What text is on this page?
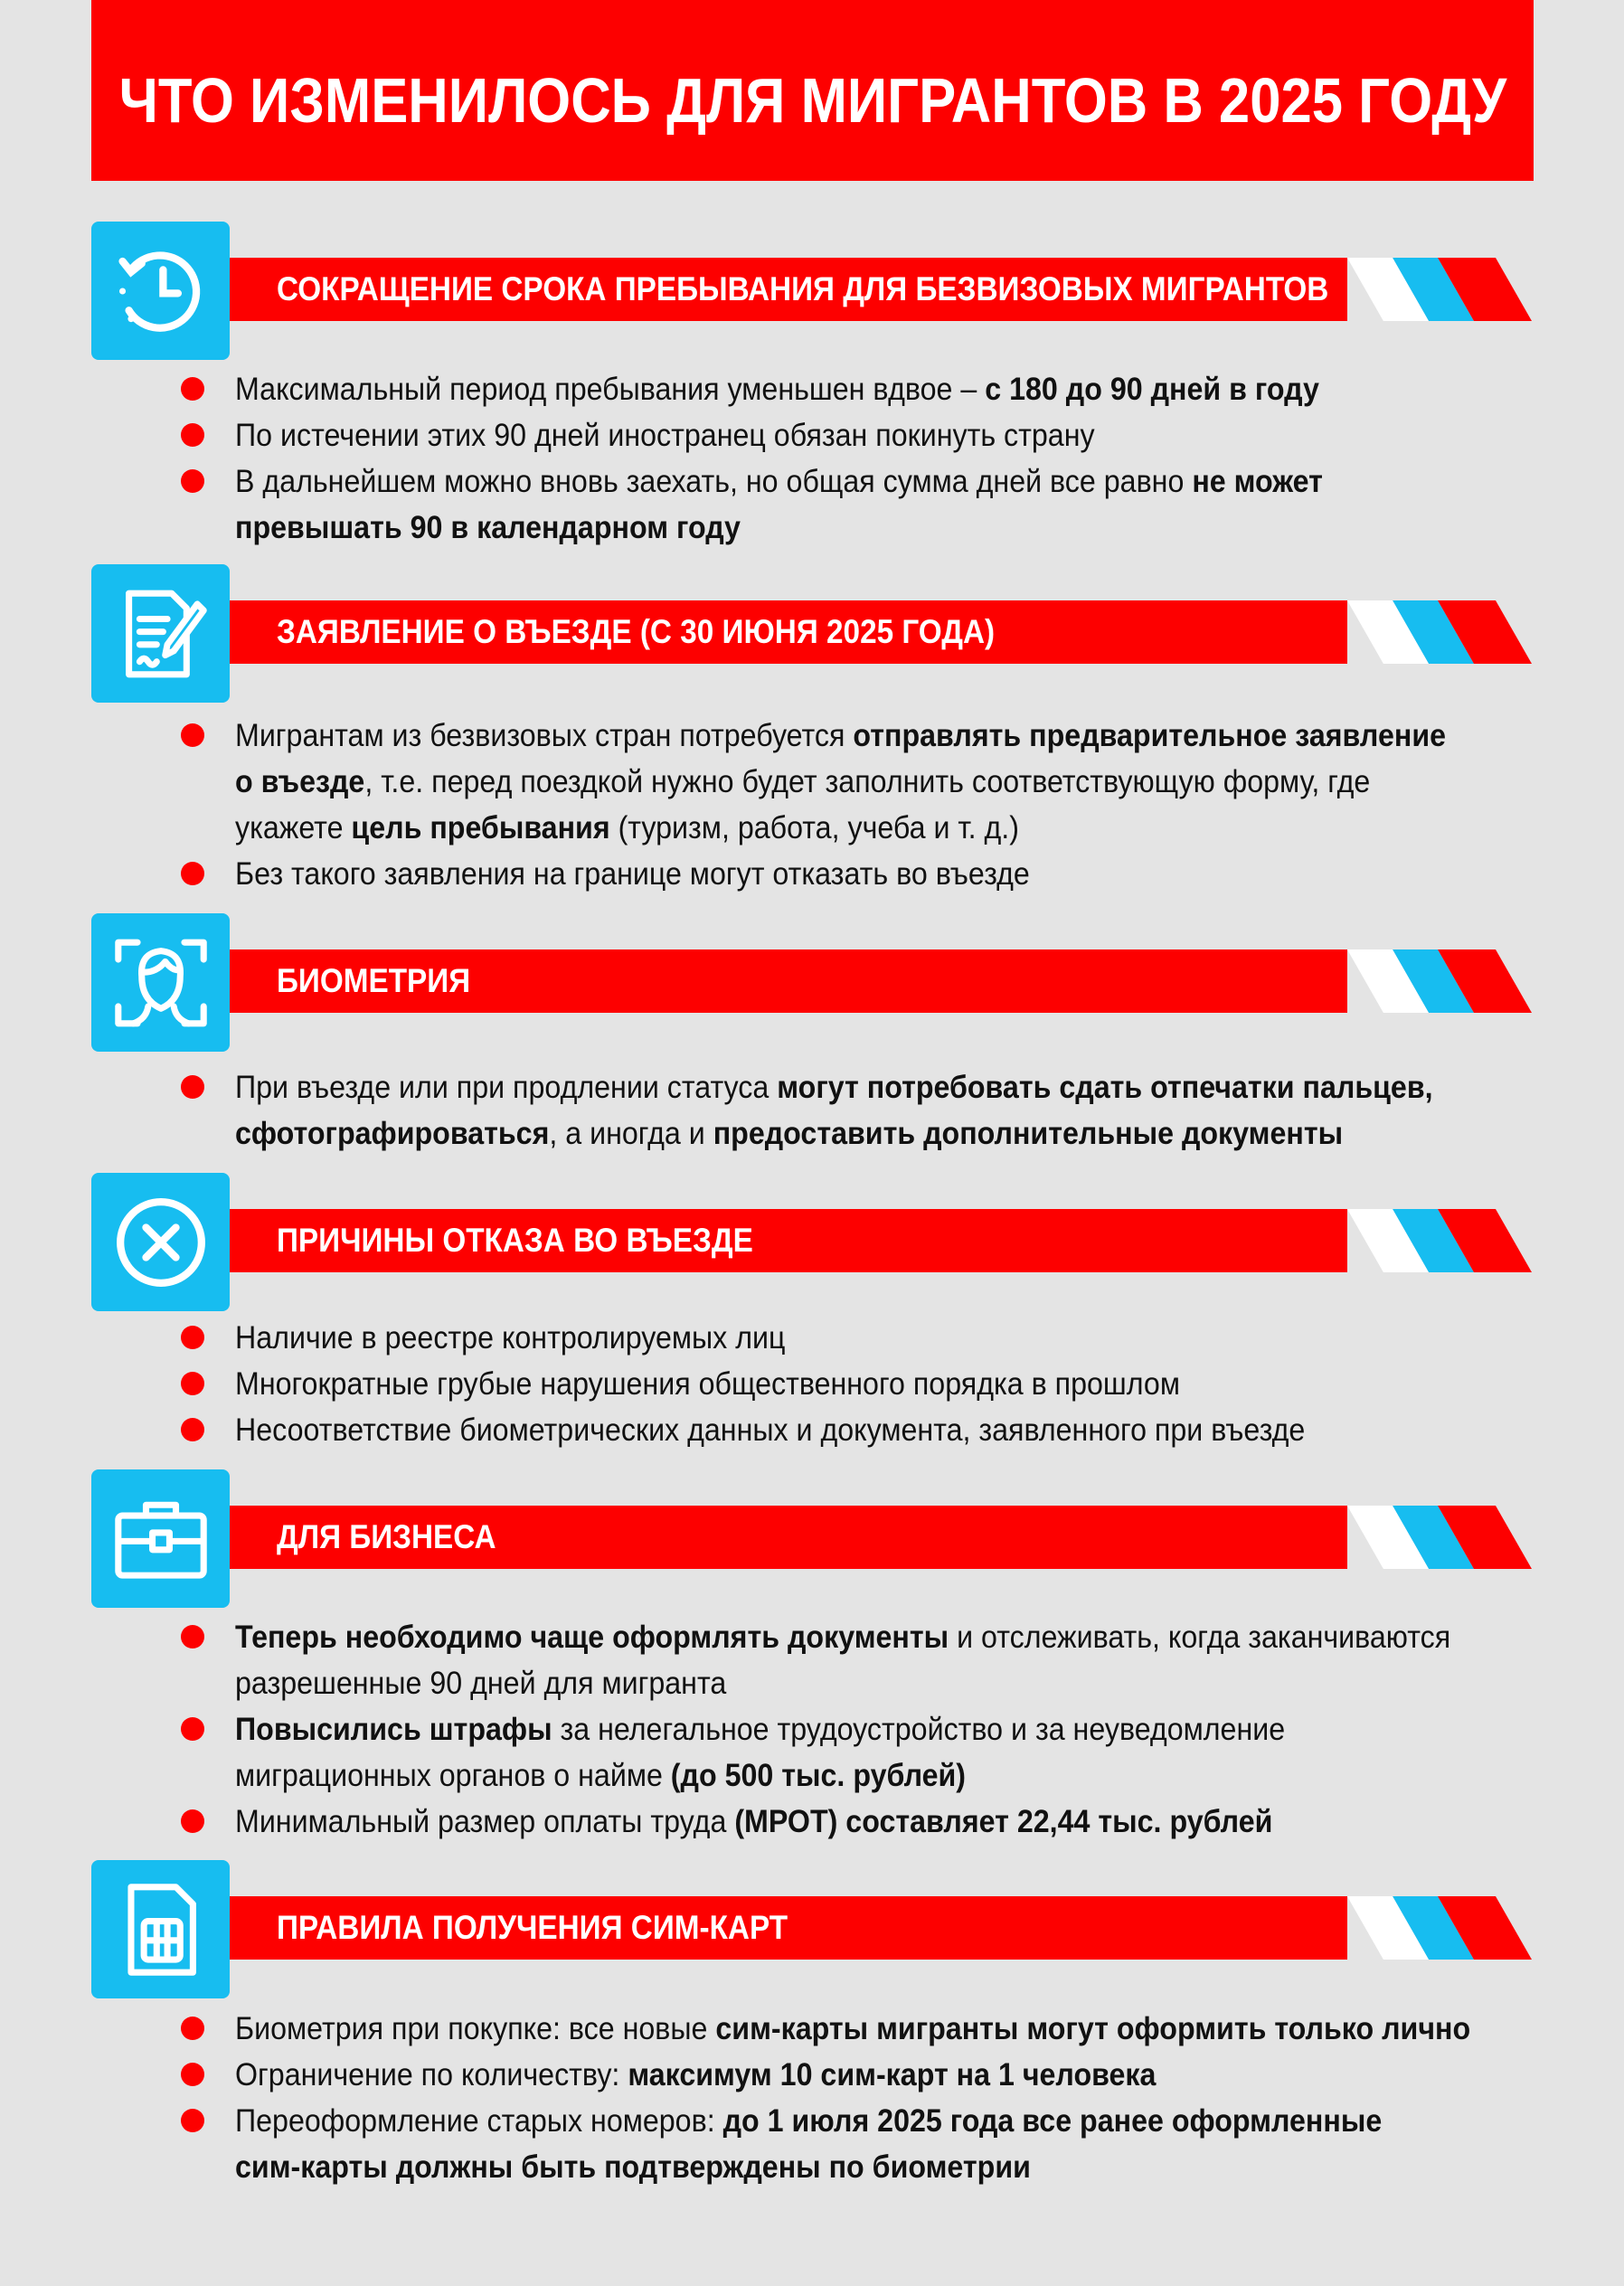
ЧТО ИЗМЕНИЛОСЬ ДЛЯ МИГРАНТОВ В 2025 ГОДУ
СОКРАЩЕНИЕ СРОКА ПРЕБЫВАНИЯ ДЛЯ БЕЗВИЗОВЫХ МИГРАНТОВ
Максимальный период пребывания уменьшен вдвое – с 180 до 90 дней в году
По истечении этих 90 дней иностранец обязан покинуть страну
В дальнейшем можно вновь заехать, но общая сумма дней все равно не может
превышать 90 в календарном году
ЗАЯВЛЕНИЕ О ВЪЕЗДЕ (С 30 ИЮНЯ 2025 ГОДА)
Мигрантам из безвизовых стран потребуется отправлять предварительное заявление
о въезде, т.е. перед поездкой нужно будет заполнить соответствующую форму, где
укажете цель пребывания (туризм, работа, учеба и т. д.)
Без такого заявления на границе могут отказать во въезде
БИОМЕТРИЯ
При въезде или при продлении статуса могут потребовать сдать отпечатки пальцев,
сфотографироваться, а иногда и предоставить дополнительные документы
ПРИЧИНЫ ОТКАЗА ВО ВЪЕЗДЕ
Наличие в реестре контролируемых лиц
Многократные грубые нарушения общественного порядка в прошлом
Несоответствие биометрических данных и документа, заявленного при въезде
ДЛЯ БИЗНЕСА
Теперь необходимо чаще оформлять документы и отслеживать, когда заканчиваются
разрешенные 90 дней для мигранта
Повысились штрафы за нелегальное трудоустройство и за неуведомление
миграционных органов о найме (до 500 тыс. рублей)
Минимальный размер оплаты труда (МРОТ) составляет 22,44 тыс. рублей
ПРАВИЛА ПОЛУЧЕНИЯ СИМ-КАРТ
Биометрия при покупке: все новые сим-карты мигранты могут оформить только лично
Ограничение по количеству: максимум 10 сим-карт на 1 человека
Переоформление старых номеров: до 1 июля 2025 года все ранее оформленные
сим-карты должны быть подтверждены по биометрии
